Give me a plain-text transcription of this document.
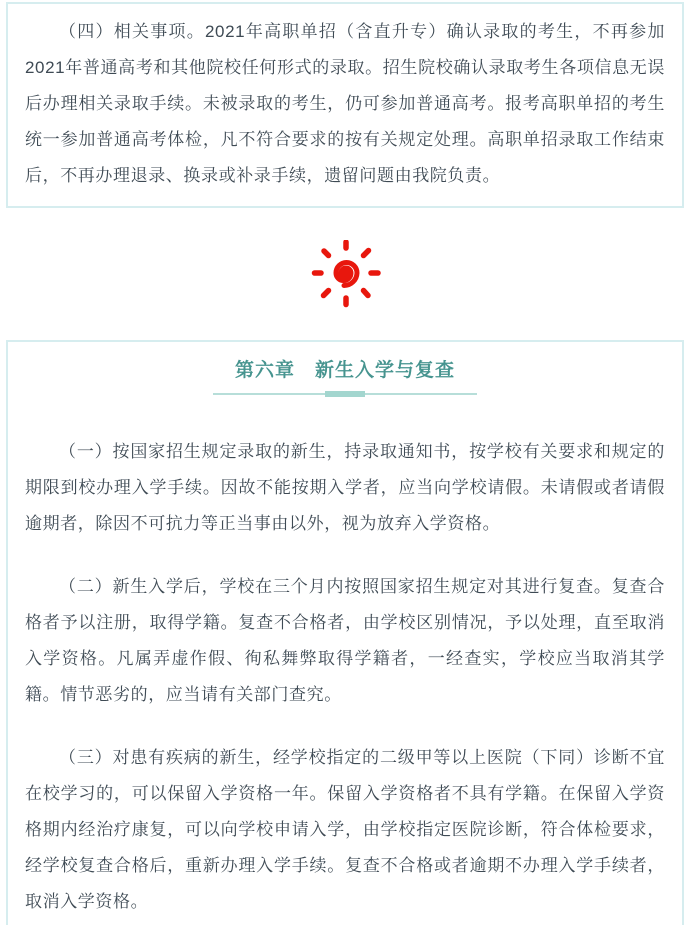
（四）相关事项。2021年高职单招（含直升专）确认录取的考生，不再参加2021年普通高考和其他院校任何形式的录取。招生院校确认录取考生各项信息无误后办理相关录取手续。未被录取的考生，仍可参加普通高考。报考高职单招的考生统一参加普通高考体检，凡不符合要求的按有关规定处理。高职单招录取工作结束后，不再办理退录、换录或补录手续，遗留问题由我院负责。

第六章　新生入学与复查

（一）按国家招生规定录取的新生，持录取通知书，按学校有关要求和规定的期限到校办理入学手续。因故不能按期入学者，应当向学校请假。未请假或者请假逾期者，除因不可抗力等正当事由以外，视为放弃入学资格。

（二）新生入学后，学校在三个月内按照国家招生规定对其进行复查。复查合格者予以注册，取得学籍。复查不合格者，由学校区别情况，予以处理，直至取消入学资格。凡属弄虚作假、徇私舞弊取得学籍者，一经查实，学校应当取消其学籍。情节恶劣的，应当请有关部门查究。

（三）对患有疾病的新生，经学校指定的二级甲等以上医院（下同）诊断不宜在校学习的，可以保留入学资格一年。保留入学资格者不具有学籍。在保留入学资格期内经治疗康复，可以向学校申请入学，由学校指定医院诊断，符合体检要求，经学校复查合格后，重新办理入学手续。复查不合格或者逾期不办理入学手续者，取消入学资格。
